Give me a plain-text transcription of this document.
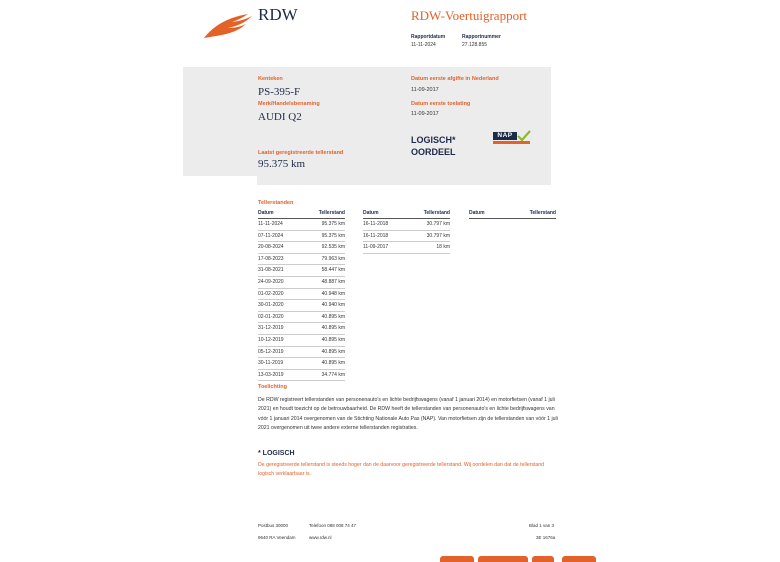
RDW	RDW-Voertuigrapport
Rapportdatum
11-11-2024
Rapportnummer
27.128.855
Kenteken
PS-395-F
Merk/Handelsbenaming
AUDI Q2
Laatst geregistreerde tellerstand
95.375 km
Datum eerste afgifte in Nederland
11-09-2017
Datum eerste toelating
11-09-2017
LOGISCH*
OORDEEL
NAP
Tellerstanden
Datum	Tellerstand
11-11-2024	95.375 km
07-11-2024	95.375 km
20-08-2024	92.535 km
17-08-2023	79.963 km
31-08-2021	58.447 km
24-09-2020	48.887 km
01-02-2020	40.948 km
30-01-2020	40.940 km
02-01-2020	40.895 km
31-12-2019	40.895 km
10-12-2019	40.895 km
05-12-2019	40.895 km
30-11-2019	40.895 km
13-03-2019	34.774 km
Datum	Tellerstand
16-11-2018	30.797 km
16-11-2018	30.797 km
11-09-2017	18 km
Datum	Tellerstand
Toelichting
De RDW registreert tellerstanden van personenauto's en lichte bedrijfswagens (vanaf 1 januari 2014) en motorfietsen (vanaf 1 juli 2021) en houdt toezicht op de betrouwbaarheid. De RDW heeft de tellerstanden van personenauto's en lichte bedrijfswagens van vóór 1 januari 2014 overgenomen van de Stichting Nationale Auto Pas (NAP). Van motorfietsen zijn de tellerstanden van vóór 1 juli 2021 overgenomen uit twee andere externe tellerstanden registraties.
* LOGISCH
De geregistreerde tellerstand is steeds hoger dan de daarvoor geregistreerde tellerstand. Wij oordelen dan dat de tellerstand logisch verklaarbaar is.
Postbus 30000
9640 RA Veendam
Telefoon 088 008 74 47
www.rdw.nl
Blad 1 van 3
3E 1676a
